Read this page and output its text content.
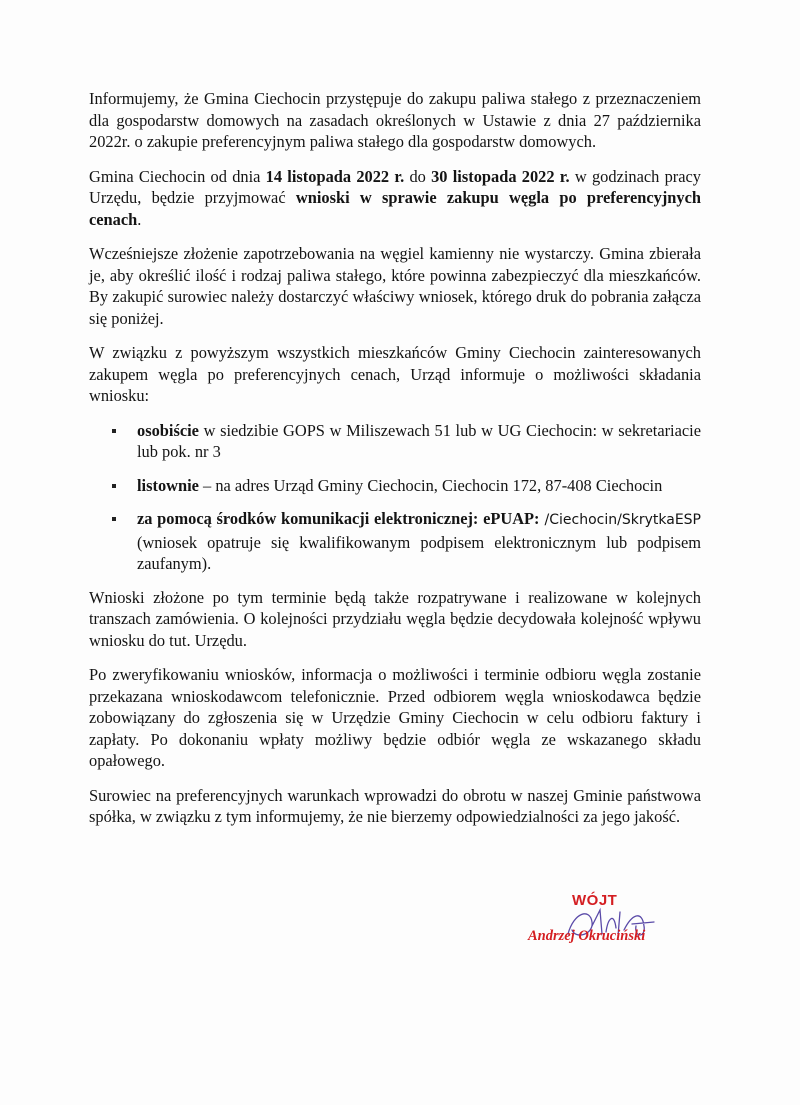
Informujemy, że Gmina Ciechocin przystępuje do zakupu paliwa stałego z przeznaczeniem dla gospodarstw domowych na zasadach określonych w Ustawie z dnia 27 października 2022r. o zakupie preferencyjnym paliwa stałego dla gospodarstw domowych.

Gmina Ciechocin od dnia 14 listopada 2022 r. do 30 listopada 2022 r. w godzinach pracy Urzędu, będzie przyjmować wnioski w sprawie zakupu węgla po preferencyjnych cenach.

Wcześniejsze złożenie zapotrzebowania na węgiel kamienny nie wystarczy. Gmina zbierała je, aby określić ilość i rodzaj paliwa stałego, które powinna zabezpieczyć dla mieszkańców. By zakupić surowiec należy dostarczyć właściwy wniosek, którego druk do pobrania załącza się poniżej.

W związku z powyższym wszystkich mieszkańców Gminy Ciechocin zainteresowanych zakupem węgla po preferencyjnych cenach, Urząd informuje o możliwości składania wniosku:

osobiście w siedzibie GOPS w Miliszewach 51 lub w UG Ciechocin: w sekretariacie lub pok. nr 3
listownie – na adres Urząd Gminy Ciechocin, Ciechocin 172, 87-408 Ciechocin
za pomocą środków komunikacji elektronicznej: ePUAP: /Ciechocin/SkrytkaESP (wniosek opatruje się kwalifikowanym podpisem elektronicznym lub podpisem zaufanym).

Wnioski złożone po tym terminie będą także rozpatrywane i realizowane w kolejnych transzach zamówienia. O kolejności przydziału węgla będzie decydowała kolejność wpływu wniosku do tut. Urzędu.

Po zweryfikowaniu wniosków, informacja o możliwości i terminie odbioru węgla zostanie przekazana wnioskodawcom telefonicznie. Przed odbiorem węgla wnioskodawca będzie zobowiązany do zgłoszenia się w Urzędzie Gminy Ciechocin w celu odbioru faktury i zapłaty. Po dokonaniu wpłaty możliwy będzie odbiór węgla ze wskazanego składu opałowego.

Surowiec na preferencyjnych warunkach wprowadzi do obrotu w naszej Gminie państwowa spółka, w związku z tym informujemy, że nie bierzemy odpowiedzialności za jego jakość.

WÓJT
Andrzej Okruciński
